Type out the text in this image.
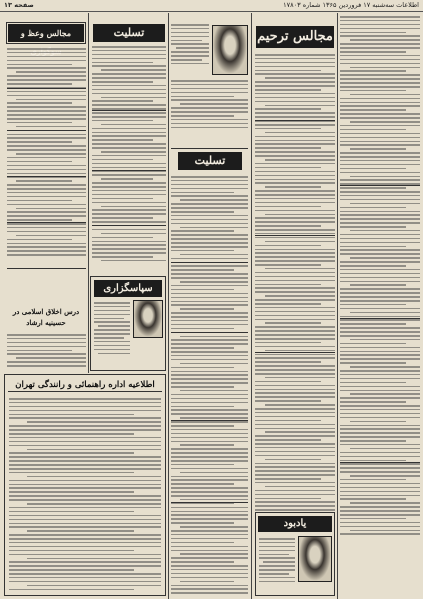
صفحه ۱۳	اطلاعات سه‌شنبه ۱۷ فروردین ۱۳۶۵ شماره ۱۷۸۰۳
مجالس ترحیم
یادبود
تسلیت
تسلیت
سپاسگزاری
مجالس وعظ و
درس اخلاق اسلامی در حسینیه ارشاد
اطلاعیه اداره راهنمائی و رانندگی تهران
